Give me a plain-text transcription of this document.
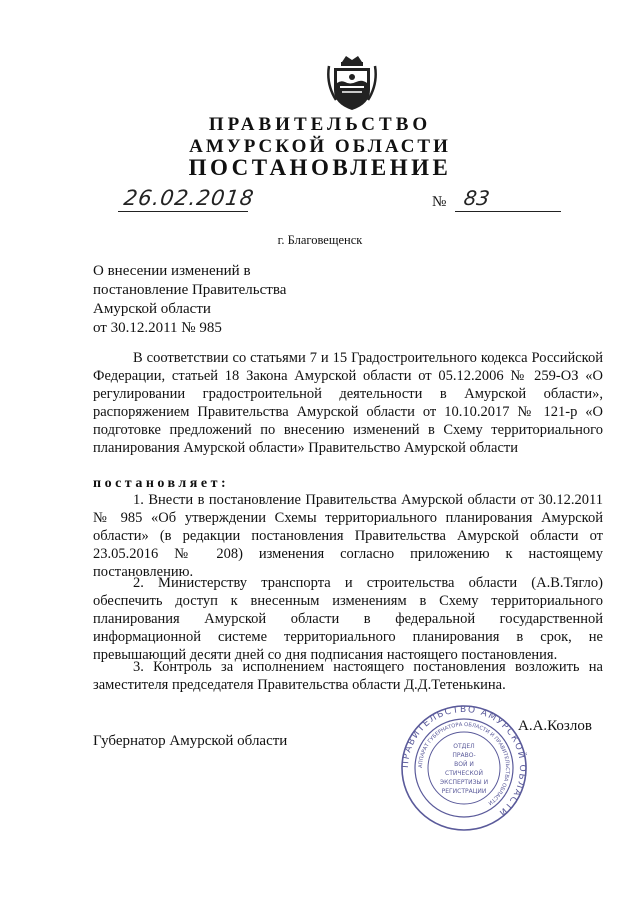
ПРАВИТЕЛЬСТВО
АМУРСКОЙ ОБЛАСТИ
ПОСТАНОВЛЕНИЕ
26.02.2018	№ 83
г. Благовещенск
О внесении изменений в
постановление Правительства
Амурской области
от 30.12.2011 № 985
В соответствии со статьями 7 и 15 Градостроительного кодекса Российской Федерации, статьей 18 Закона Амурской области от 05.12.2006 № 259-ОЗ «О регулировании градостроительной деятельности в Амурской области», распоряжением Правительства Амурской области от 10.10.2017 № 121-р «О подготовке предложений по внесению изменений в Схему территориального планирования Амурской области» Правительство Амурской области
постановляет:
1. Внести в постановление Правительства Амурской области от 30.12.2011 № 985 «Об утверждении Схемы территориального планирования Амурской области» (в редакции постановления Правительства Амурской области от 23.05.2016 № 208) изменения согласно приложению к настоящему постановлению.
2. Министерству транспорта и строительства области (А.В.Тягло) обеспечить доступ к внесенным изменениям в Схему территориального планирования Амурской области в федеральной государственной информационной системе территориального планирования в срок, не превышающий десяти дней со дня подписания настоящего постановления.
3. Контроль за исполнением настоящего постановления возложить на заместителя председателя Правительства области Д.Д.Тетенькина.
Губернатор Амурской области
ПРАВИТЕЛЬСТВО АМУРСКОЙ ОБЛАСТИ
АППАРАТ ГУБЕРНАТОРА ОБЛАСТИ И ПРАВИТЕЛЬСТВА ОБЛАСТИ
ОТДЕЛ
ПРАВО-
ВОЙ И
СТИЧЕСКОЙ
ЭКСПЕРТИЗЫ И
РЕГИСТРАЦИИ
А.А.Козлов
